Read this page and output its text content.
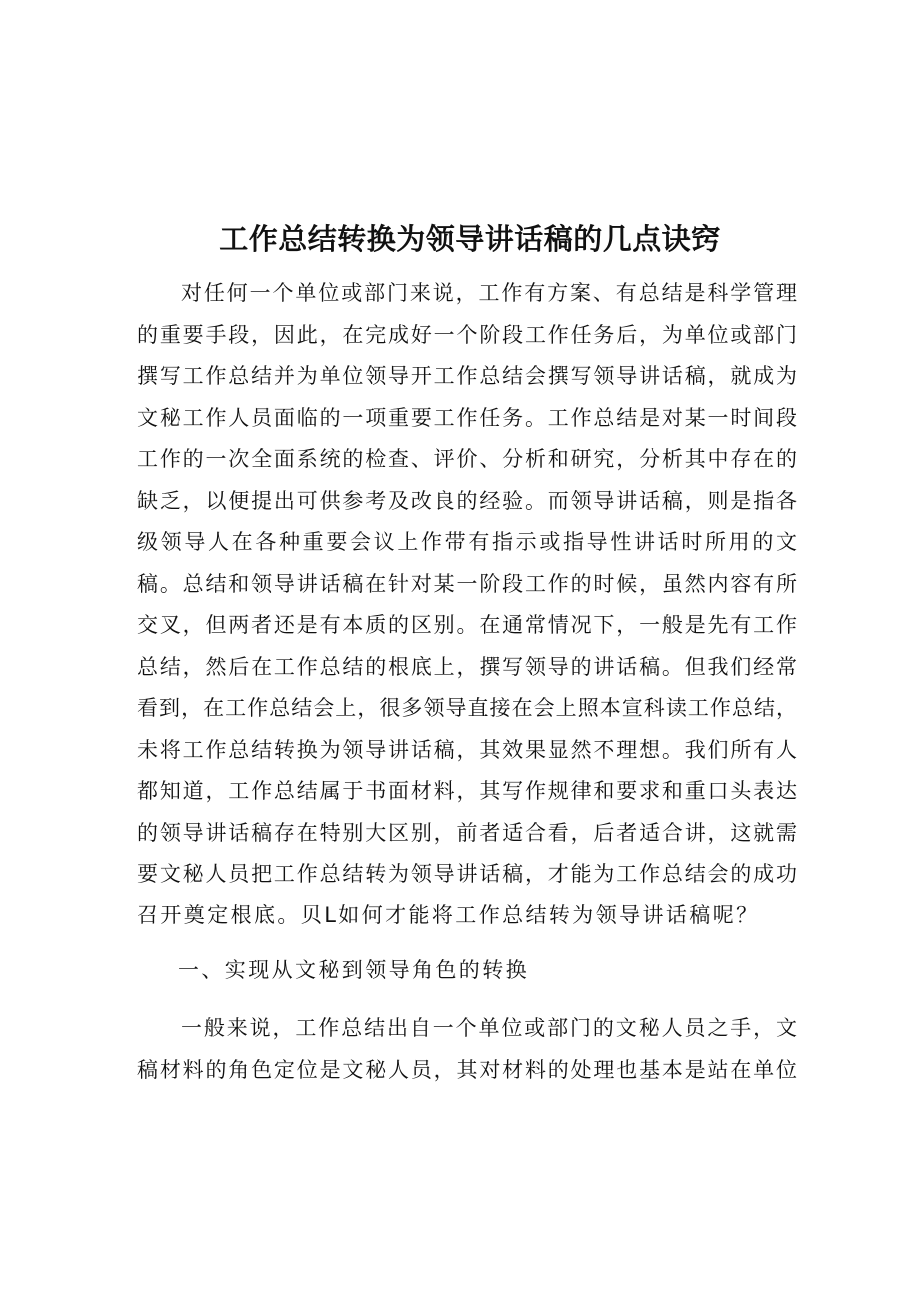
工作总结转换为领导讲话稿的几点诀窍
对任何一个单位或部门来说，工作有方案、有总结是科学管理
的重要手段，因此，在完成好一个阶段工作任务后，为单位或部门
撰写工作总结并为单位领导开工作总结会撰写领导讲话稿，就成为
文秘工作人员面临的一项重要工作任务。工作总结是对某一时间段
工作的一次全面系统的检查、评价、分析和研究，分析其中存在的
缺乏，以便提出可供参考及改良的经验。而领导讲话稿，则是指各
级领导人在各种重要会议上作带有指示或指导性讲话时所用的文
稿。总结和领导讲话稿在针对某一阶段工作的时候，虽然内容有所
交叉，但两者还是有本质的区别。在通常情况下，一般是先有工作
总结，然后在工作总结的根底上，撰写领导的讲话稿。但我们经常
看到，在工作总结会上，很多领导直接在会上照本宣科读工作总结，
未将工作总结转换为领导讲话稿，其效果显然不理想。我们所有人
都知道，工作总结属于书面材料，其写作规律和要求和重口头表达
的领导讲话稿存在特别大区别，前者适合看，后者适合讲，这就需
要文秘人员把工作总结转为领导讲话稿，才能为工作总结会的成功
召开奠定根底。贝L如何才能将工作总结转为领导讲话稿呢？
一、实现从文秘到领导角色的转换
一般来说，工作总结出自一个单位或部门的文秘人员之手，文
稿材料的角色定位是文秘人员，其对材料的处理也基本是站在单位
